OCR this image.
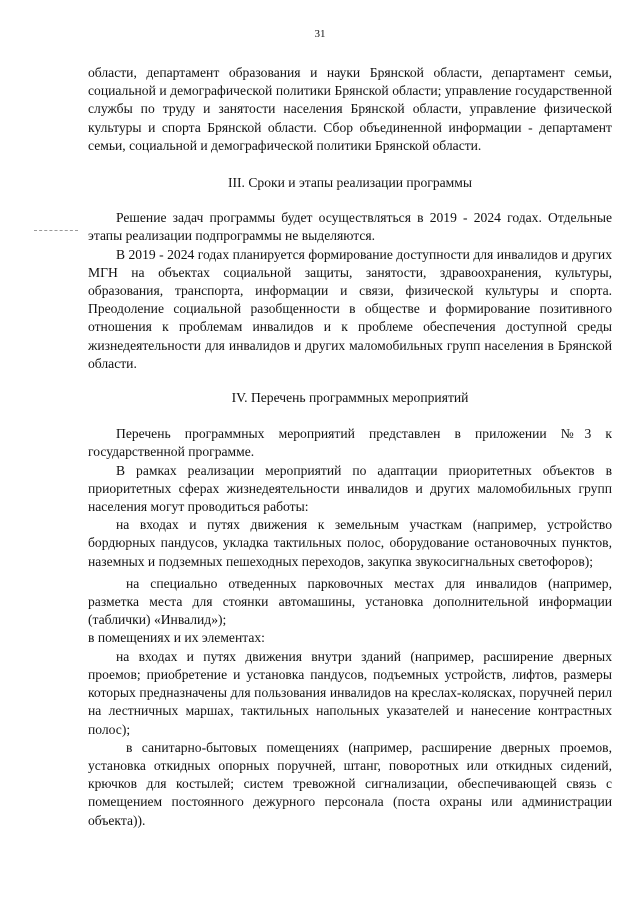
31

области, департамент образования и науки Брянской области, департамент семьи, социальной и демографической политики Брянской области; управление государственной службы по труду и занятости населения Брянской области, управление физической культуры и спорта Брянской области. Сбор объединенной информации - департамент семьи, социальной и демографической политики Брянской области.

III. Сроки и этапы реализации программы

Решение задач программы будет осуществляться в 2019 - 2024 годах. Отдельные этапы реализации подпрограммы не выделяются.

В 2019 - 2024 годах планируется формирование доступности для инвалидов и других МГН на объектах социальной защиты, занятости, здравоохранения, культуры, образования, транспорта, информации и связи, физической культуры и спорта. Преодоление социальной разобщенности в обществе и формирование позитивного отношения к проблемам инвалидов и к проблеме обеспечения доступной среды жизнедеятельности для инвалидов и других маломобильных групп населения в Брянской области.

IV. Перечень программных мероприятий

Перечень программных мероприятий представлен в приложении №3 к государственной программе.

В рамках реализации мероприятий по адаптации приоритетных объектов в приоритетных сферах жизнедеятельности инвалидов и других маломобильных групп населения могут проводиться работы:

на входах и путях движения к земельным участкам (например, устройство бордюрных пандусов, укладка тактильных полос, оборудование остановочных пунктов, наземных и подземных пешеходных переходов, закупка звукосигнальных светофоров);

на специально отведенных парковочных местах для инвалидов (например, разметка места для стоянки автомашины, установка дополнительной информации (таблички) «Инвалид»);

в помещениях и их элементах:

на входах и путях движения внутри зданий (например, расширение дверных проемов; приобретение и установка пандусов, подъемных устройств, лифтов, размеры которых предназначены для пользования инвалидов на креслах-колясках, поручней перил на лестничных маршах, тактильных напольных указателей и нанесение контрастных полос);

в санитарно-бытовых помещениях (например, расширение дверных проемов, установка откидных опорных поручней, штанг, поворотных или откидных сидений, крючков для костылей; систем тревожной сигнализации, обеспечивающей связь с помещением постоянного дежурного персонала (поста охраны или администрации объекта)).
